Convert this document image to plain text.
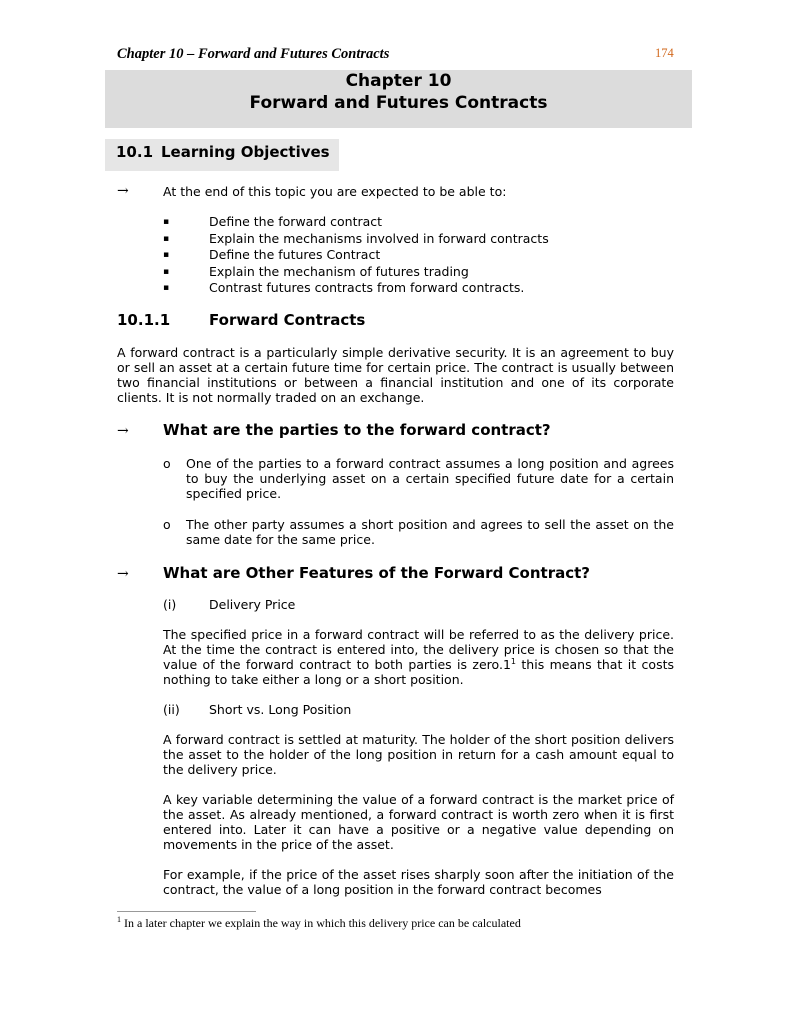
Chapter 10 – Forward and Futures Contracts	174
Chapter 10
Forward and Futures Contracts
10.1 Learning Objectives
→	At the end of this topic you are expected to be able to:
▪	Define the forward contract
▪	Explain the mechanisms involved in forward contracts
▪	Define the futures Contract
▪	Explain the mechanism of futures trading
▪	Contrast futures contracts from forward contracts.
10.1.1	Forward Contracts

A forward contract is a particularly simple derivative security. It is an agreement to buy or sell an asset at a certain future time for certain price. The contract is usually between two financial institutions or between a financial institution and one of its corporate clients. It is not normally traded on an exchange.

→ What are the parties to the forward contract?
o One of the parties to a forward contract assumes a long position and agrees to buy the underlying asset on a certain specified future date for a certain specified price.
o The other party assumes a short position and agrees to sell the asset on the same date for the same price.
→ What are Other Features of the Forward Contract?
(i)	Delivery Price

The specified price in a forward contract will be referred to as the delivery price. At the time the contract is entered into, the delivery price is chosen so that the value of the forward contract to both parties is $zero.1^1$ this means that it costs nothing to take either a long or a short position.

(ii) Short vs. Long Position

A forward contract is settled at maturity. The holder of the short position delivers the asset to the holder of the long position in return for a cash amount equal to the delivery price.

A key variable determining the value of a forward contract is the market price of the asset. As already mentioned, a forward contract is worth zero when it is first entered into. Later it can have a positive or a negative value depending on movements in the price of the asset.

For example, if the price of the asset rises sharply soon after the initiation of the contract, the value of a long position in the forward contract becomes

$^1$ In a later chapter we explain the way in which this delivery price can be calculated
